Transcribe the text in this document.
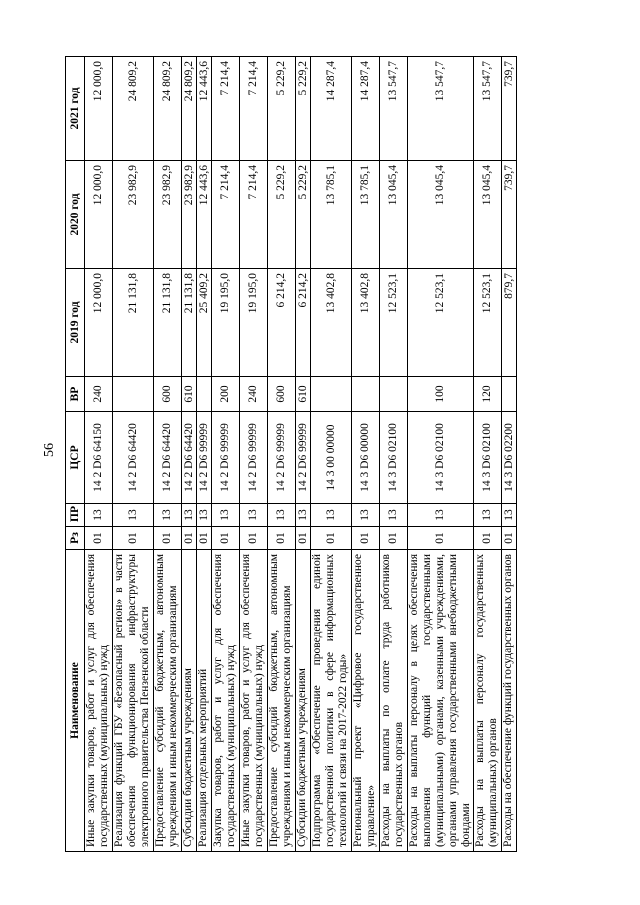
56
Наименование	Рз	ПР	ЦСР	ВР	2019 год	2020 год	2021 год
Иные закупки товаров, работ и услуг для обеспечения государственных (муниципальных) нужд	01	13	14 2 D6 64150	240	12 000,0	12 000,0	12 000,0
Реализация функций ГБУ «Безопасный регион» в части обеспечения функционирования инфраструктуры электронного правительства Пензенской области	01	13	14 2 D6 64420		21 131,8	23 982,9	24 809,2
Предоставление субсидий бюджетным, автономным учреждениям и иным некоммерческим организациям	01	13	14 2 D6 64420	600	21 131,8	23 982,9	24 809,2
Субсидии бюджетным учреждениям	01	13	14 2 D6 64420	610	21 131,8	23 982,9	24 809,2
Реализация отдельных мероприятий	01	13	14 2 D6 99999		25 409,2	12 443,6	12 443,6
Закупка товаров, работ и услуг для обеспечения государственных (муниципальных) нужд	01	13	14 2 D6 99999	200	19 195,0	7 214,4	7 214,4
Иные закупки товаров, работ и услуг для обеспечения государственных (муниципальных) нужд	01	13	14 2 D6 99999	240	19 195,0	7 214,4	7 214,4
Предоставление субсидий бюджетным, автономным учреждениям и иным некоммерческим организациям	01	13	14 2 D6 99999	600	6 214,2	5 229,2	5 229,2
Субсидии бюджетным учреждениям	01	13	14 2 D6 99999	610	6 214,2	5 229,2	5 229,2
Подпрограмма «Обеспечение проведения единой государственной политики в сфере информационных технологий и связи на 2017-2022 годы»	01	13	14 3 00 00000		13 402,8	13 785,1	14 287,4
Региональный проект «Цифровое государственное управление»	01	13	14 3 D6 00000		13 402,8	13 785,1	14 287,4
Расходы на выплаты по оплате труда работников государственных органов	01	13	14 3 D6 02100		12 523,1	13 045,4	13 547,7
Расходы на выплаты персоналу в целях обеспечения выполнения функций государственными (муниципальными) органами, казенными учреждениями, органами управления государственными внебюджетными фондами	01	13	14 3 D6 02100	100	12 523,1	13 045,4	13 547,7
Расходы на выплаты персоналу государственных (муниципальных) органов	01	13	14 3 D6 02100	120	12 523,1	13 045,4	13 547,7
Расходы на обеспечение функций государственных органов	01	13	14 3 D6 02200		879,7	739,7	739,7
